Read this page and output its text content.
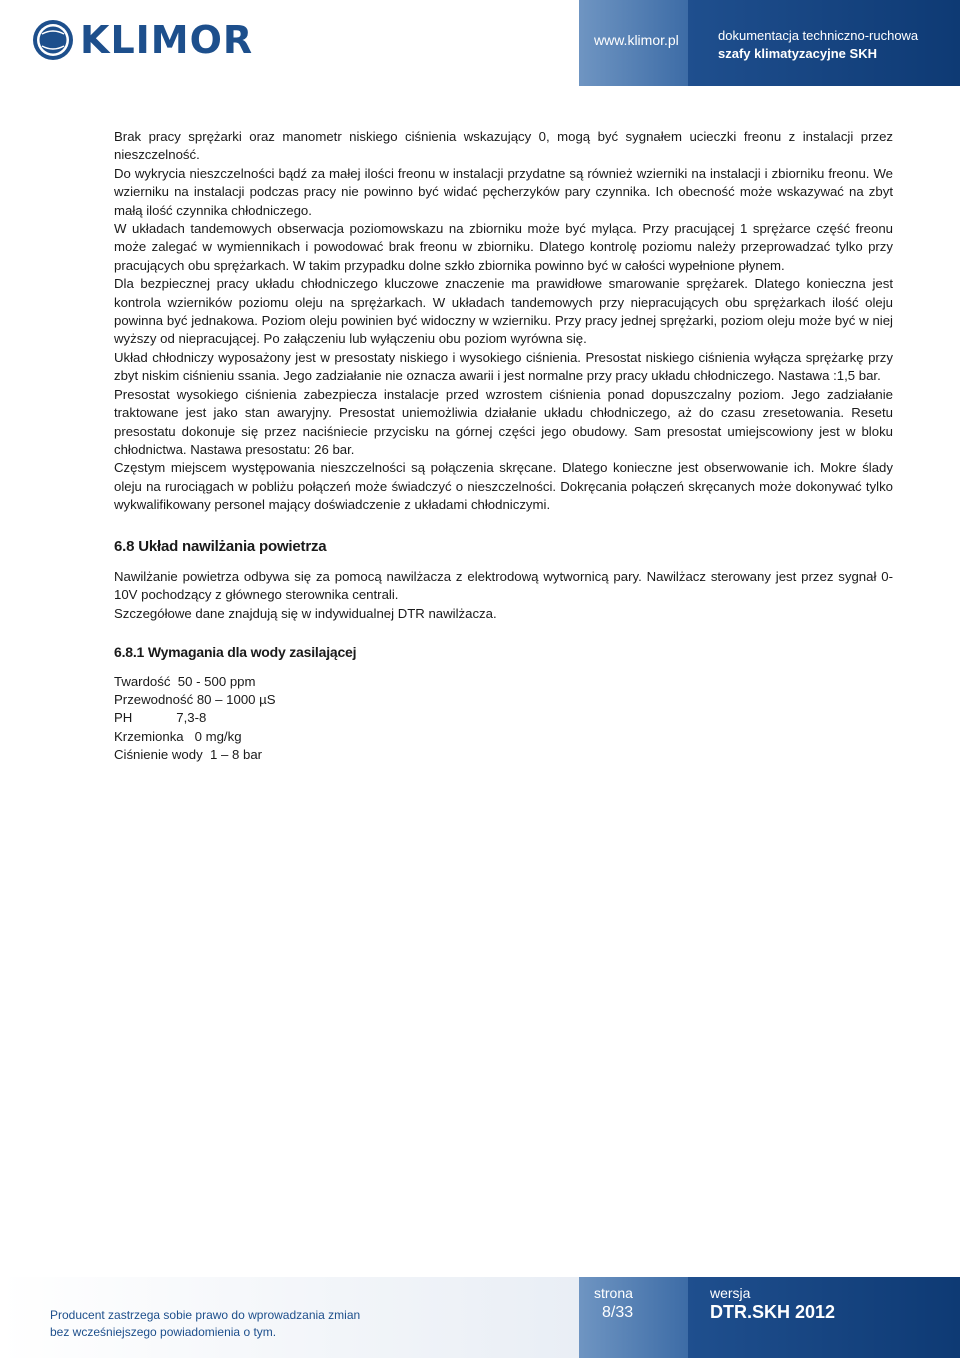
KLIMOR	www.klimor.pl	dokumentacja techniczno-ruchowa
szafy klimatyzacyjne SKH

Brak pracy sprężarki oraz manometr niskiego ciśnienia wskazujący 0, mogą być sygnałem ucieczki freonu z instalacji przez nieszczelność.

Do wykrycia nieszczelności bądź za małej ilości freonu w instalacji przydatne są również wzierniki na instalacji i zbiorniku freonu. We wzierniku na instalacji podczas pracy nie powinno być widać pęcherzyków pary czynnika. Ich obecność może wskazywać na zbyt małą ilość czynnika chłodniczego.

W układach tandemowych obserwacja poziomowskazu na zbiorniku może być myląca. Przy pracującej 1 sprężarce część freonu może zalegać w wymiennikach i powodować brak freonu w zbiorniku. Dlatego kontrolę poziomu należy przeprowadzać tylko przy pracujących obu sprężarkach. W takim przypadku dolne szkło zbiornika powinno być w całości wypełnione płynem.

Dla bezpiecznej pracy układu chłodniczego kluczowe znaczenie ma prawidłowe smarowanie sprężarek. Dlatego konieczna jest kontrola wzierników poziomu oleju na sprężarkach. W układach tandemowych przy niepracujących obu sprężarkach ilość oleju powinna być jednakowa. Poziom oleju powinien być widoczny w wzierniku. Przy pracy jednej sprężarki, poziom oleju może być w niej wyższy od niepracującej. Po załączeniu lub wyłączeniu obu poziom wyrówna się.

Układ chłodniczy wyposażony jest w presostaty niskiego i wysokiego ciśnienia. Presostat niskiego ciśnienia wyłącza sprężarkę przy zbyt niskim ciśnieniu ssania. Jego zadziałanie nie oznacza awarii i jest normalne przy pracy układu chłodniczego. Nastawa :1,5 bar.

Presostat wysokiego ciśnienia zabezpiecza instalacje przed wzrostem ciśnienia ponad dopuszczalny poziom. Jego zadziałanie traktowane jest jako stan awaryjny. Presostat uniemożliwia działanie układu chłodniczego, aż do czasu zresetowania. Resetu presostatu dokonuje się przez naciśniecie przycisku na górnej części jego obudowy. Sam presostat umiejscowiony jest w bloku chłodnictwa. Nastawa presostatu: 26 bar.

Częstym miejscem występowania nieszczelności są połączenia skręcane. Dlatego konieczne jest obserwowanie ich. Mokre ślady oleju na rurociągach w pobliżu połączeń może świadczyć o nieszczelności. Dokręcania połączeń skręcanych może dokonywać tylko wykwalifikowany personel mający doświadczenie z układami chłodniczymi.

6.8 Układ nawilżania powietrza

Nawilżanie powietrza odbywa się za pomocą nawilżacza z elektrodową wytwornicą pary. Nawilżacz sterowany jest przez sygnał 0-10V pochodzący z głównego sterownika centrali.

Szczegółowe dane znajdują się w indywidualnej DTR nawilżacza.

6.8.1 Wymagania dla wody zasilającej
Twardość  50 - 500 ppm
Przewodność 80 – 1000 µS
PH            7,3-8
Krzemionka   0 mg/kg
Ciśnienie wody  1 – 8 bar
Producent zastrzega sobie prawo do wprowadzania zmian
bez wcześniejszego powiadomienia o tym.
strona
8/33
wersja
DTR.SKH 2012
